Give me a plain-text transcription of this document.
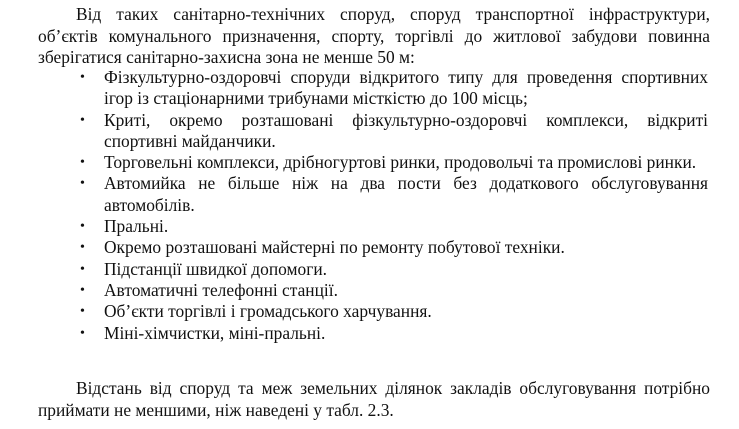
Від таких санітарно-технічних споруд, споруд транспортної інфраструктури, об’єктів комунального призначення, спорту, торгівлі до житлової забудови повинна зберігатися санітарно-захисна зона не менше 50 м:

• Фізкультурно-оздоровчі споруди відкритого типу для проведення спортивних ігор із стаціонарними трибунами місткістю до 100 місць;
• Криті, окремо розташовані фізкультурно-оздоровчі комплекси, відкриті спортивні майданчики.
• Торговельні комплекси, дрібногуртові ринки, продовольчі та промислові ринки.
• Автомийка не більше ніж на два пости без додаткового обслуговування автомобілів.
• Пральні.
• Окремо розташовані майстерні по ремонту побутової техніки.
• Підстанції швидкої допомоги.
• Автоматичні телефонні станції.
• Об’єкти торгівлі і громадського харчування.
• Міні-хімчистки, міні-пральні.

Відстань від споруд та меж земельних ділянок закладів обслуговування потрібно приймати не меншими, ніж наведені у табл. 2.3.
